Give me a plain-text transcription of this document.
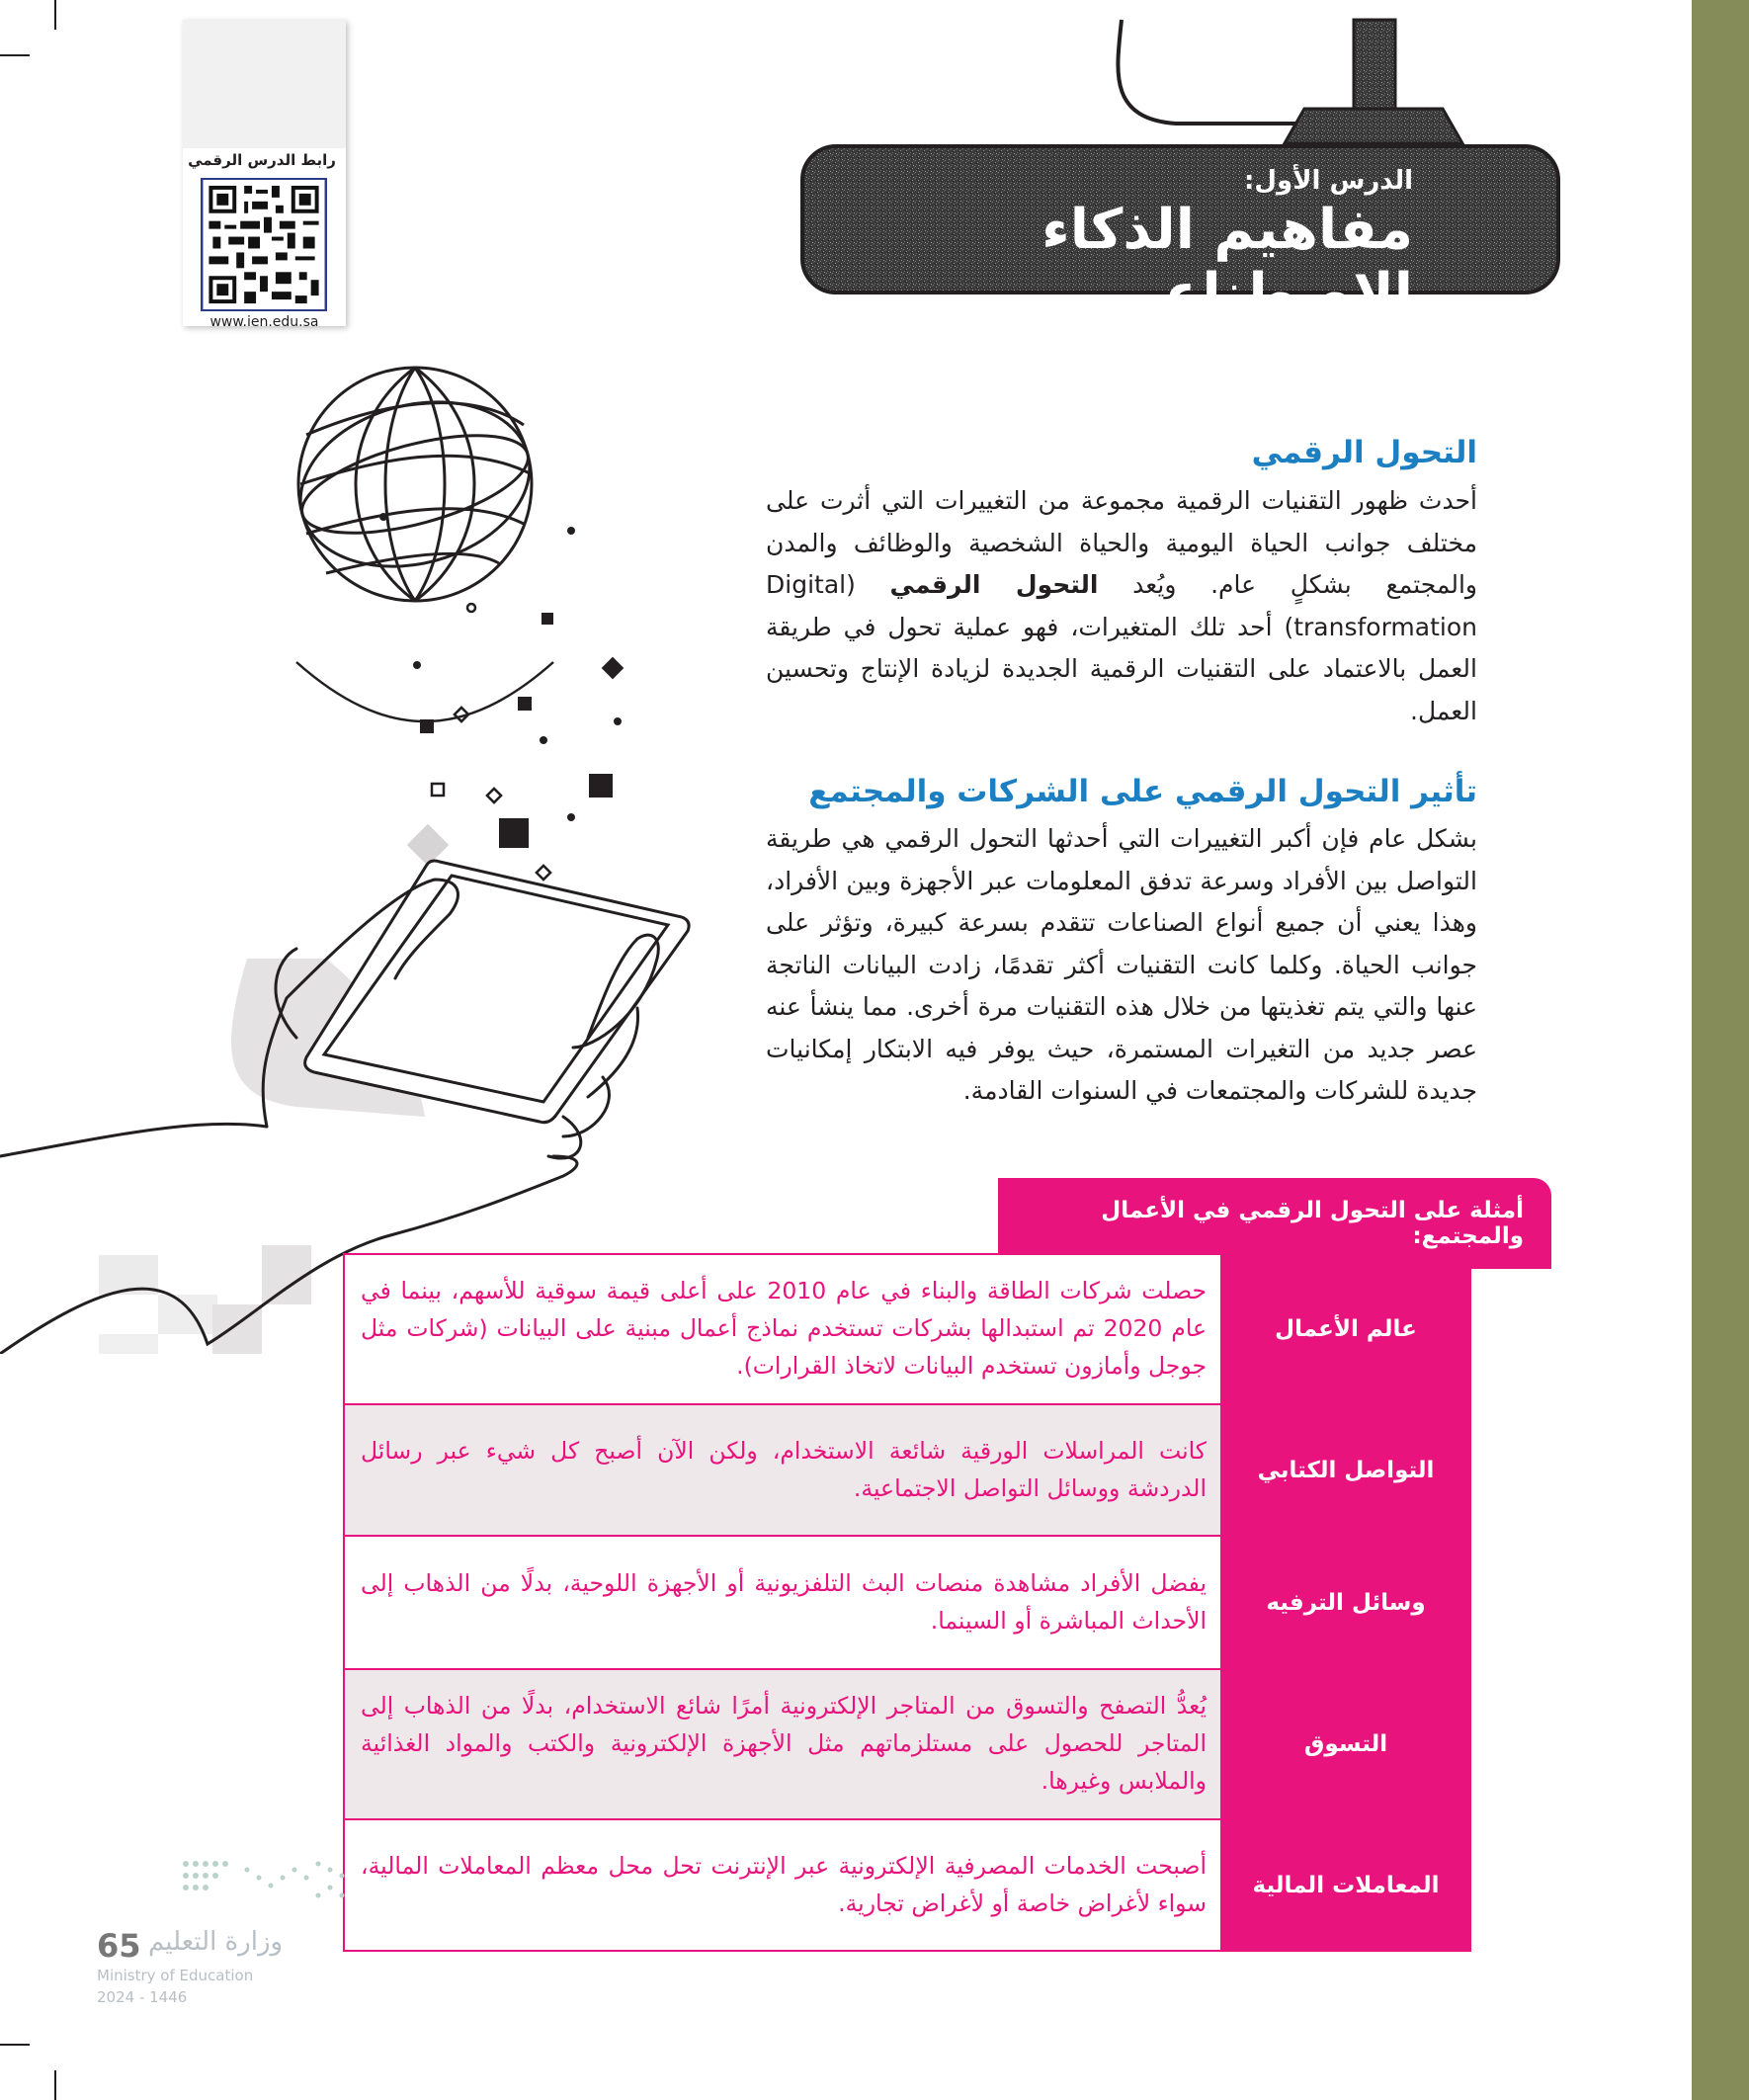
رابط الدرس الرقمي
www.ien.edu.sa
الدرس الأول:
مفاهيم الذكاء الاصطناعي
التحول الرقمي

أحدث ظهور التقنيات الرقمية مجموعة من التغييرات التي أثرت على مختلف جوانب الحياة اليومية والحياة الشخصية والوظائف والمدن والمجتمع بشكلٍ عام. ويُعد التحول الرقمي (Digital transformation) أحد تلك المتغيرات، فهو عملية تحول في طريقة العمل بالاعتماد على التقنيات الرقمية الجديدة لزيادة الإنتاج وتحسين العمل.

تأثير التحول الرقمي على الشركات والمجتمع

بشكل عام فإن أكبر التغييرات التي أحدثها التحول الرقمي هي طريقة التواصل بين الأفراد وسرعة تدفق المعلومات عبر الأجهزة وبين الأفراد، وهذا يعني أن جميع أنواع الصناعات تتقدم بسرعة كبيرة، وتؤثر على جوانب الحياة. وكلما كانت التقنيات أكثر تقدمًا، زادت البيانات الناتجة عنها والتي يتم تغذيتها من خلال هذه التقنيات مرة أخرى. مما ينشأ عنه عصر جديد من التغيرات المستمرة، حيث يوفر فيه الابتكار إمكانيات جديدة للشركات والمجتمعات في السنوات القادمة.

أمثلة على التحول الرقمي في الأعمال والمجتمع:
عالم الأعمال	حصلت شركات الطاقة والبناء في عام 2010 على أعلى قيمة سوقية للأسهم، بينما في عام 2020 تم استبدالها بشركات تستخدم نماذج أعمال مبنية على البيانات (شركات مثل جوجل وأمازون تستخدم البيانات لاتخاذ القرارات).
التواصل الكتابي	كانت المراسلات الورقية شائعة الاستخدام، ولكن الآن أصبح كل شيء عبر رسائل الدردشة ووسائل التواصل الاجتماعية.
وسائل الترفيه	يفضل الأفراد مشاهدة منصات البث التلفزيونية أو الأجهزة اللوحية، بدلًا من الذهاب إلى الأحداث المباشرة أو السينما.
التسوق	يُعدُّ التصفح والتسوق من المتاجر الإلكترونية أمرًا شائع الاستخدام، بدلًا من الذهاب إلى المتاجر للحصول على مستلزماتهم مثل الأجهزة الإلكترونية والكتب والمواد الغذائية والملابس وغيرها.
المعاملات المالية	أصبحت الخدمات المصرفية الإلكترونية عبر الإنترنت تحل محل معظم المعاملات المالية، سواء لأغراض خاصة أو لأغراض تجارية.
65 وزارة التعليم
Ministry of Education
2024 - 1446
